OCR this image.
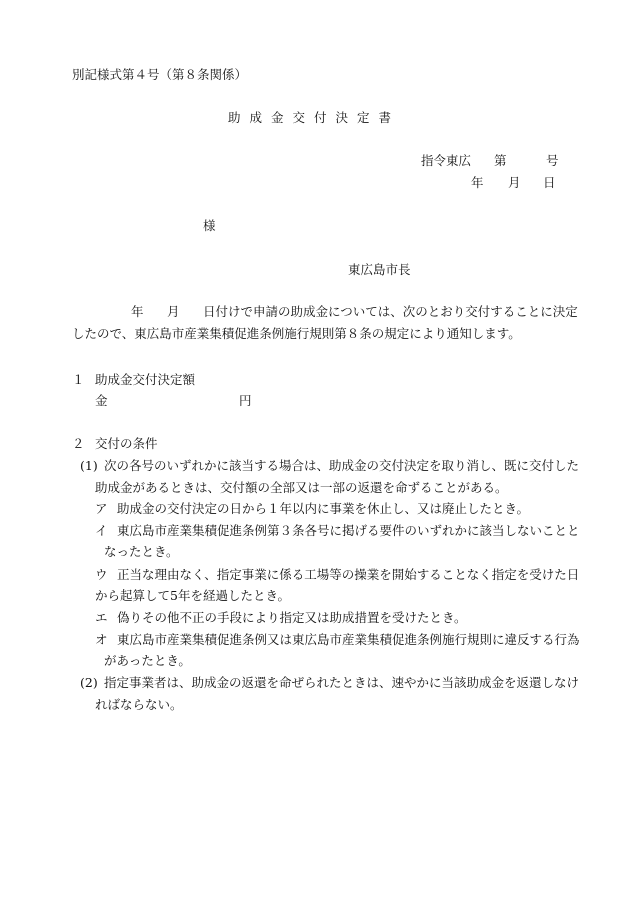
別記様式第４号（第８条関係）
助成金交付決定書
指令東広 第	号
年 月 日
様
東広島市長
年 月 日付けで申請の助成金については、次のとおり交付することに決定
したので、東広島市産業集積促進条例施行規則第８条の規定により通知します。
１ 助成金交付決定額
金	円
２ 交付の条件
(1) 次の各号のいずれかに該当する場合は、助成金の交付決定を取り消し、既に交付した
助成金があるときは、交付額の全部又は一部の返還を命ずることがある。
ア 助成金の交付決定の日から１年以内に事業を休止し、又は廃止したとき。
イ 東広島市産業集積促進条例第３条各号に掲げる要件のいずれかに該当しないことと
なったとき。
ウ 正当な理由なく、指定事業に係る工場等の操業を開始することなく指定を受けた日
から起算して5年を経過したとき。
エ 偽りその他不正の手段により指定又は助成措置を受けたとき。
オ 東広島市産業集積促進条例又は東広島市産業集積促進条例施行規則に違反する行為
があったとき。
(2) 指定事業者は、助成金の返還を命ぜられたときは、速やかに当該助成金を返還しなけ
ればならない。
